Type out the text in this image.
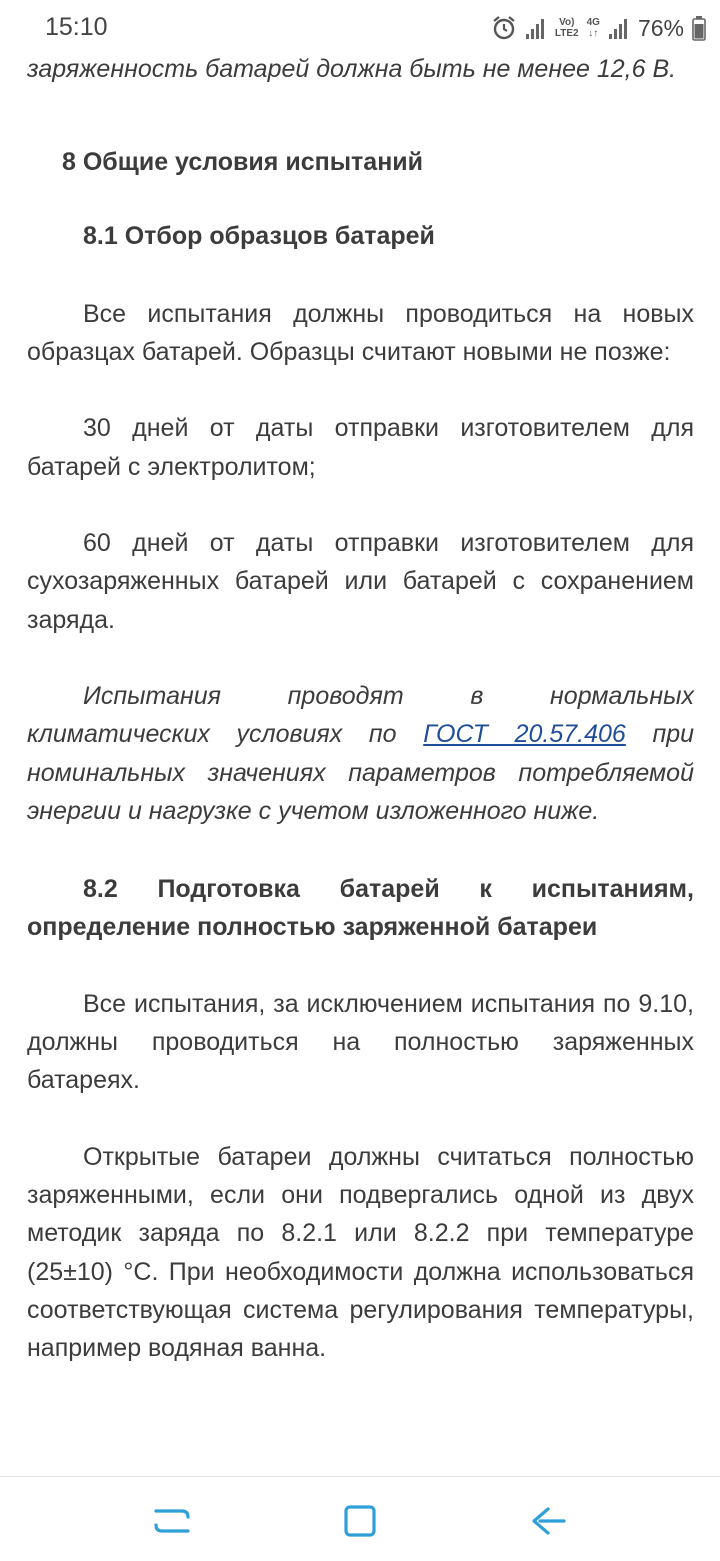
15:10	Vo)
LTE2
4G
↓↑ 76%

заряженность батарей должна быть не менее 12,6 В.

8 Общие условия испытаний

8.1 Отбор образцов батарей

Все испытания должны проводиться на новых образцах батарей. Образцы считают новыми не позже:

30 дней от даты отправки изготовителем для батарей с электролитом;

60 дней от даты отправки изготовителем для сухозаряженных батарей или батарей с сохранением заряда.

Испытания проводят в нормальных климатических условиях по ГОСТ 20.57.406 при номинальных значениях параметров потребляемой энергии и нагрузке с учетом изложенного ниже.

8.2 Подготовка батарей к испытаниям, определение полностью заряженной батареи

Все испытания, за исключением испытания по 9.10, должны проводиться на полностью заряженных батареях.

Открытые батареи должны считаться полностью заряженными, если они подвергались одной из двух методик заряда по 8.2.1 или 8.2.2 при температуре (25±10) °С. При необходимости должна использоваться соответствующая система регулирования температуры, например водяная ванна.
